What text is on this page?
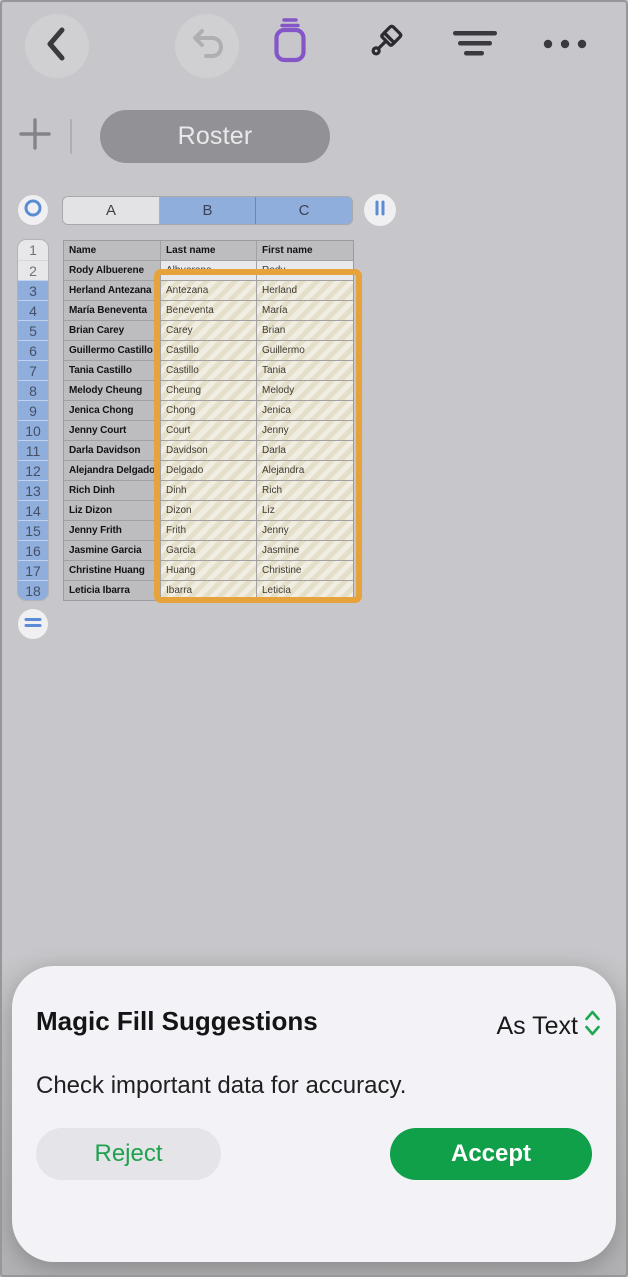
Roster
A	B	C
1
2
3
4
5
6
7
8
9
10
11
12
13
14
15
16
17
18
Name	Last name	First name
Rody Albuerene	Albuerene	Rody
Herland Antezana	Antezana	Herland
María Beneventa	Beneventa	María
Brian Carey	Carey	Brian
Guillermo Castillo	Castillo	Guillermo
Tania Castillo	Castillo	Tania
Melody Cheung	Cheung	Melody
Jenica Chong	Chong	Jenica
Jenny Court	Court	Jenny
Darla Davidson	Davidson	Darla
Alejandra Delgado	Delgado	Alejandra
Rich Dinh	Dinh	Rich
Liz Dizon	Dizon	Liz
Jenny Frith	Frith	Jenny
Jasmine Garcia	Garcia	Jasmine
Christine Huang	Huang	Christine
Leticia Ibarra	Ibarra	Leticia
Magic Fill Suggestions	As Text
Check important data for accuracy.
Reject	Accept
